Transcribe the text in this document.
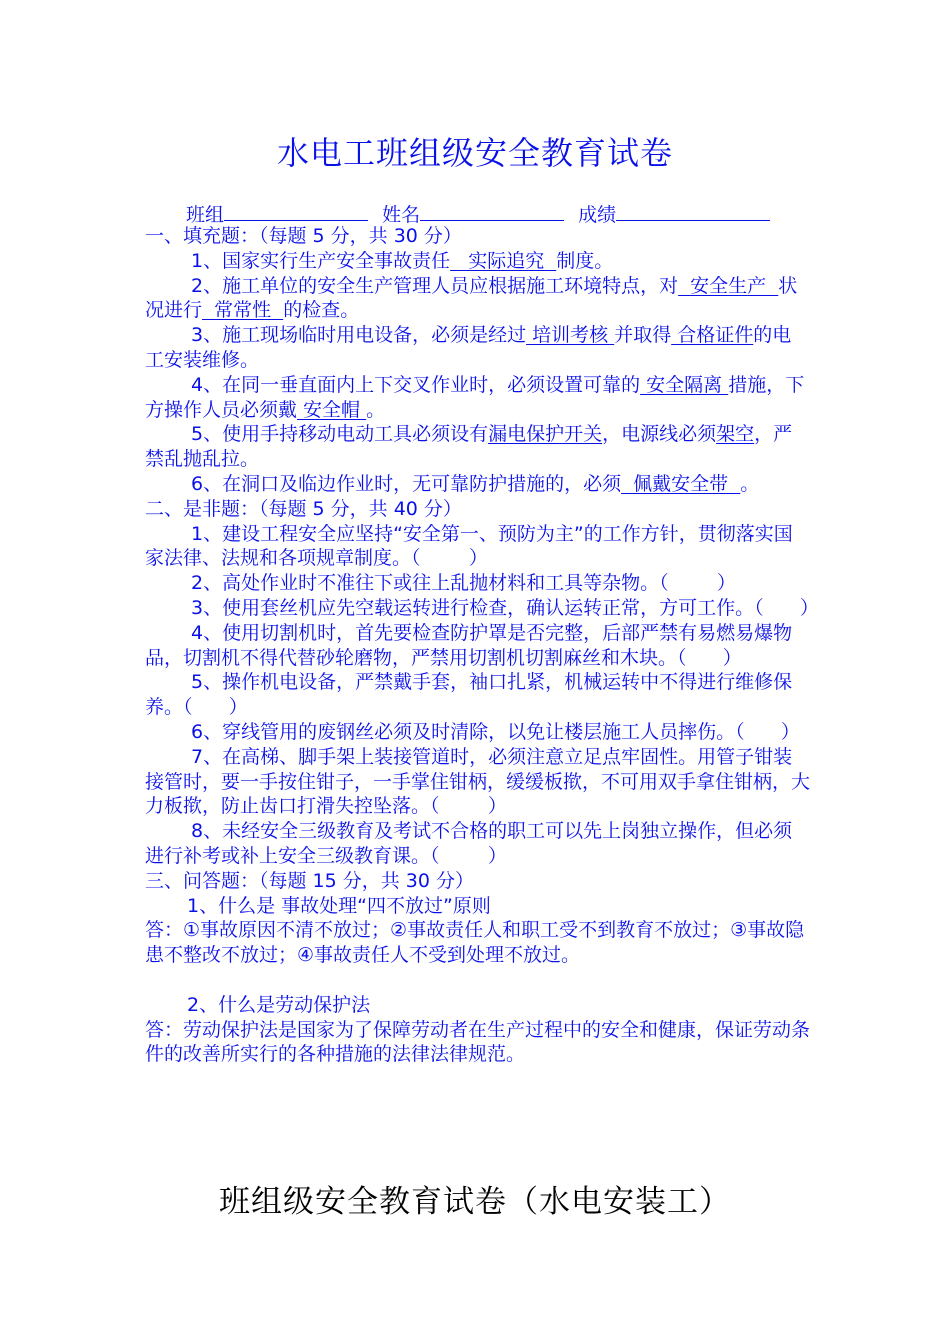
水电工班组级安全教育试卷
班组	姓名	成绩

一、填充题：（每题 5 分，共 30 分）

1、国家实行生产安全事故责任   实际追究  制度。

2、施工单位的安全生产管理人员应根据施工环境特点，对  安全生产  状况进行  常常性  的检查。

3、施工现场临时用电设备，必须是经过 培训考核 并取得 合格证件的电工安装维修。

4、在同一垂直面内上下交叉作业时，必须设置可靠的 安全隔离 措施，下方操作人员必须戴 安全帽 。

5、使用手持移动电动工具必须设有漏电保护开关，电源线必须架空，严禁乱抛乱拉。

6、在洞口及临边作业时，无可靠防护措施的，必须  佩戴安全带  。

二、是非题：（每题 5 分，共 40 分）

1、建设工程安全应坚持“安全第一、预防为主”的工作方针，贯彻落实国家法律、法规和各项规章制度。（        ）

2、高处作业时不准往下或往上乱抛材料和工具等杂物。（        ）

3、使用套丝机应先空载运转进行检查，确认运转正常，方可工作。（      ）

4、使用切割机时，首先要检查防护罩是否完整，后部严禁有易燃易爆物品，切割机不得代替砂轮磨物，严禁用切割机切割麻丝和木块。（      ）

5、操作机电设备，严禁戴手套，袖口扎紧，机械运转中不得进行维修保养。（      ）

6、穿线管用的废钢丝必须及时清除，以免让楼层施工人员摔伤。（      ）

7、在高梯、脚手架上装接管道时，必须注意立足点牢固性。用管子钳装接管时，要一手按住钳子，一手掌住钳柄，缓缓板揿，不可用双手拿住钳柄，大力板揿，防止齿口打滑失控坠落。（        ）

8、未经安全三级教育及考试不合格的职工可以先上岗独立操作，但必须进行补考或补上安全三级教育课。（        ）

三、问答题：（每题 15 分，共 30 分）

1、什么是 事故处理“四不放过”原则

答：①事故原因不清不放过；②事故责任人和职工受不到教育不放过；③事故隐患不整改不放过；④事故责任人不受到处理不放过。

2、什么是劳动保护法

答：劳动保护法是国家为了保障劳动者在生产过程中的安全和健康，保证劳动条件的改善所实行的各种措施的法律法律规范。

班组级安全教育试卷（水电安装工）
